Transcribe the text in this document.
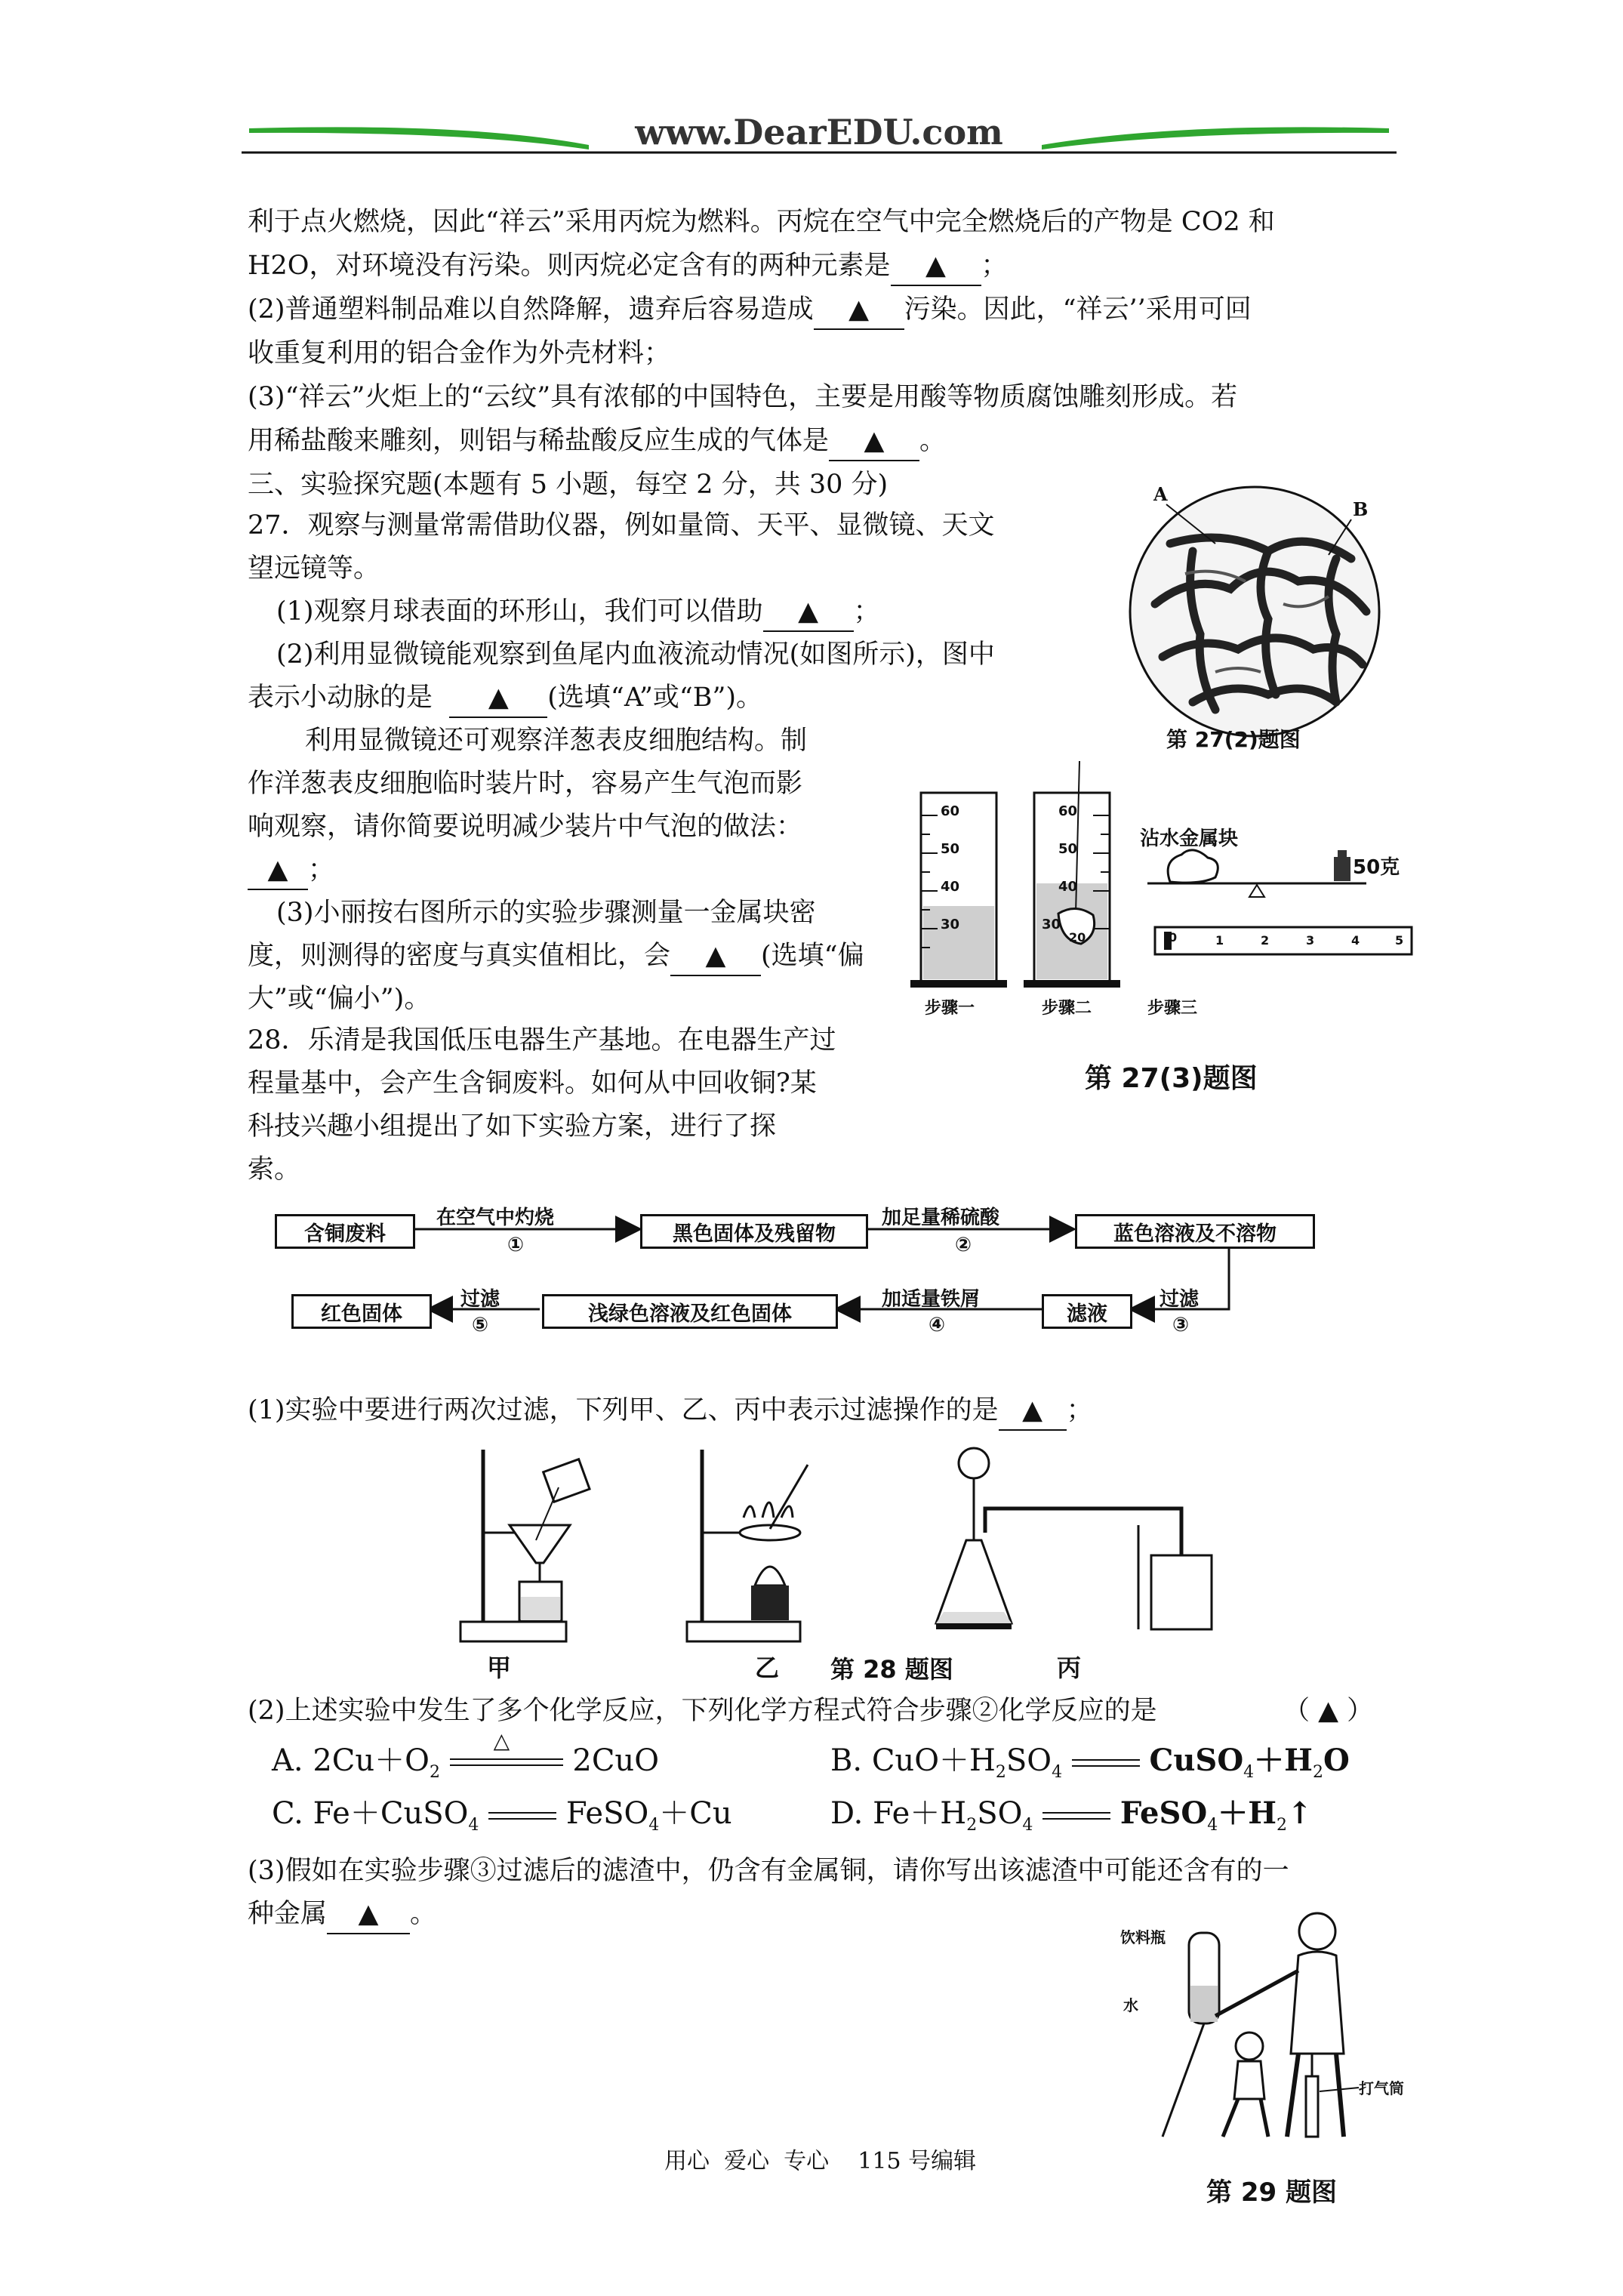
www.DearEDU.com
利于点火燃烧，因此“祥云”采用丙烷为燃料。丙烷在空气中完全燃烧后的产物是 CO2 和
H2O，对环境没有污染。则丙烷必定含有的两种元素是 ▲ ；
(2)普通塑料制品难以自然降解，遗弃后容易造成 ▲ 污染。因此，“祥云’’采用可回
收重复利用的铝合金作为外壳材料；
(3)“祥云”火炬上的“云纹”具有浓郁的中国特色，主要是用酸等物质腐蚀雕刻形成。若
用稀盐酸来雕刻，则铝与稀盐酸反应生成的气体是 ▲ 。
三、实验探究题(本题有 5 小题，每空 2 分，共 30 分)
27．观察与测量常需借助仪器，例如量筒、天平、显微镜、天文
望远镜等。
(1)观察月球表面的环形山，我们可以借助 ▲ ；
(2)利用显微镜能观察到鱼尾内血液流动情况(如图所示)，图中
表示小动脉的是 ▲ (选填“A”或“B”)。
利用显微镜还可观察洋葱表皮细胞结构。制
作洋葱表皮细胞临时装片时，容易产生气泡而影
响观察，请你简要说明减少装片中气泡的做法：
▲ ；
(3)小丽按右图所示的实验步骤测量一金属块密
度，则测得的密度与真实值相比，会 ▲ (选填“偏
大”或“偏小”)。
28．乐清是我国低压电器生产基地。在电器生产过
程量基中，会产生含铜废料。如何从中回收铜?某
科技兴趣小组提出了如下实验方案，进行了探
索。
A
B
第 27(2)题图
60
50
40
30
60
50
40
30
20	0	1	2	3	4	5
沾水金属块
50克
步骤一	步骤二	步骤三
第 27(3)题图
含铜废料	黑色固体及残留物	蓝色溶液及不溶物
滤液
浅绿色溶液及红色固体
红色固体
在空气中灼烧
①
加足量稀硫酸
②
过滤
③
加适量铁屑
④
过滤
⑤
(1)实验中要进行两次过滤，下列甲、乙、丙中表示过滤操作的是 ▲ ；
甲	乙 第 28 题图	丙
(2)上述实验中发生了多个化学反应，下列化学方程式符合步骤②化学反应的是	（ ▲ ）
A. $2Cu+O_2$
△
2CuO	B. $CuO+H_2SO_4$	$CuSO_4+H_2O$
C. Fe＋CuSO$_4$	FeSO$_4$＋Cu	D. $Fe+H_2SO_4$	$FeSO_4+H_2↑$
(3)假如在实验步骤③过滤后的滤渣中，仍含有金属铜，请你写出该滤渣中可能还含有的一
种金属 ▲ 。
饮料瓶
水
打气筒
第 29 题图
用心  爱心  专心    115 号编辑
